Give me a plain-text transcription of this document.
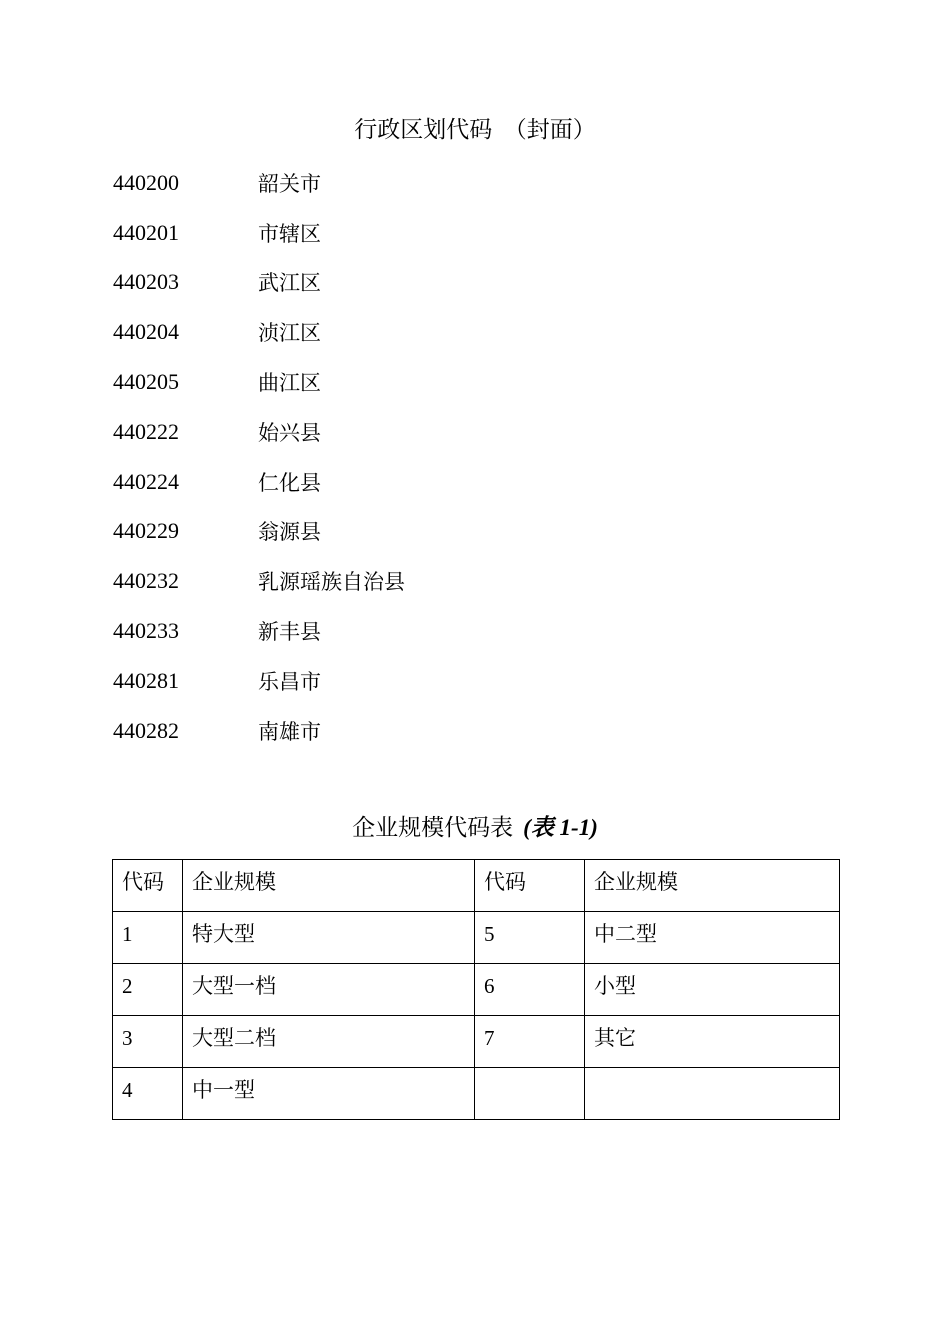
行政区划代码　（封面）
440200	韶关市
440201	市辖区
440203	武江区
440204	浈江区
440205	曲江区
440222	始兴县
440224	仁化县
440229	翁源县
440232	乳源瑶族自治县
440233	新丰县
440281	乐昌市
440282	南雄市
企业规模代码表 (表 1-1)
代码	企业规模	代码	企业规模
1	特大型	5	中二型
2	大型一档	6	小型
3	大型二档	7	其它
4	中一型		
